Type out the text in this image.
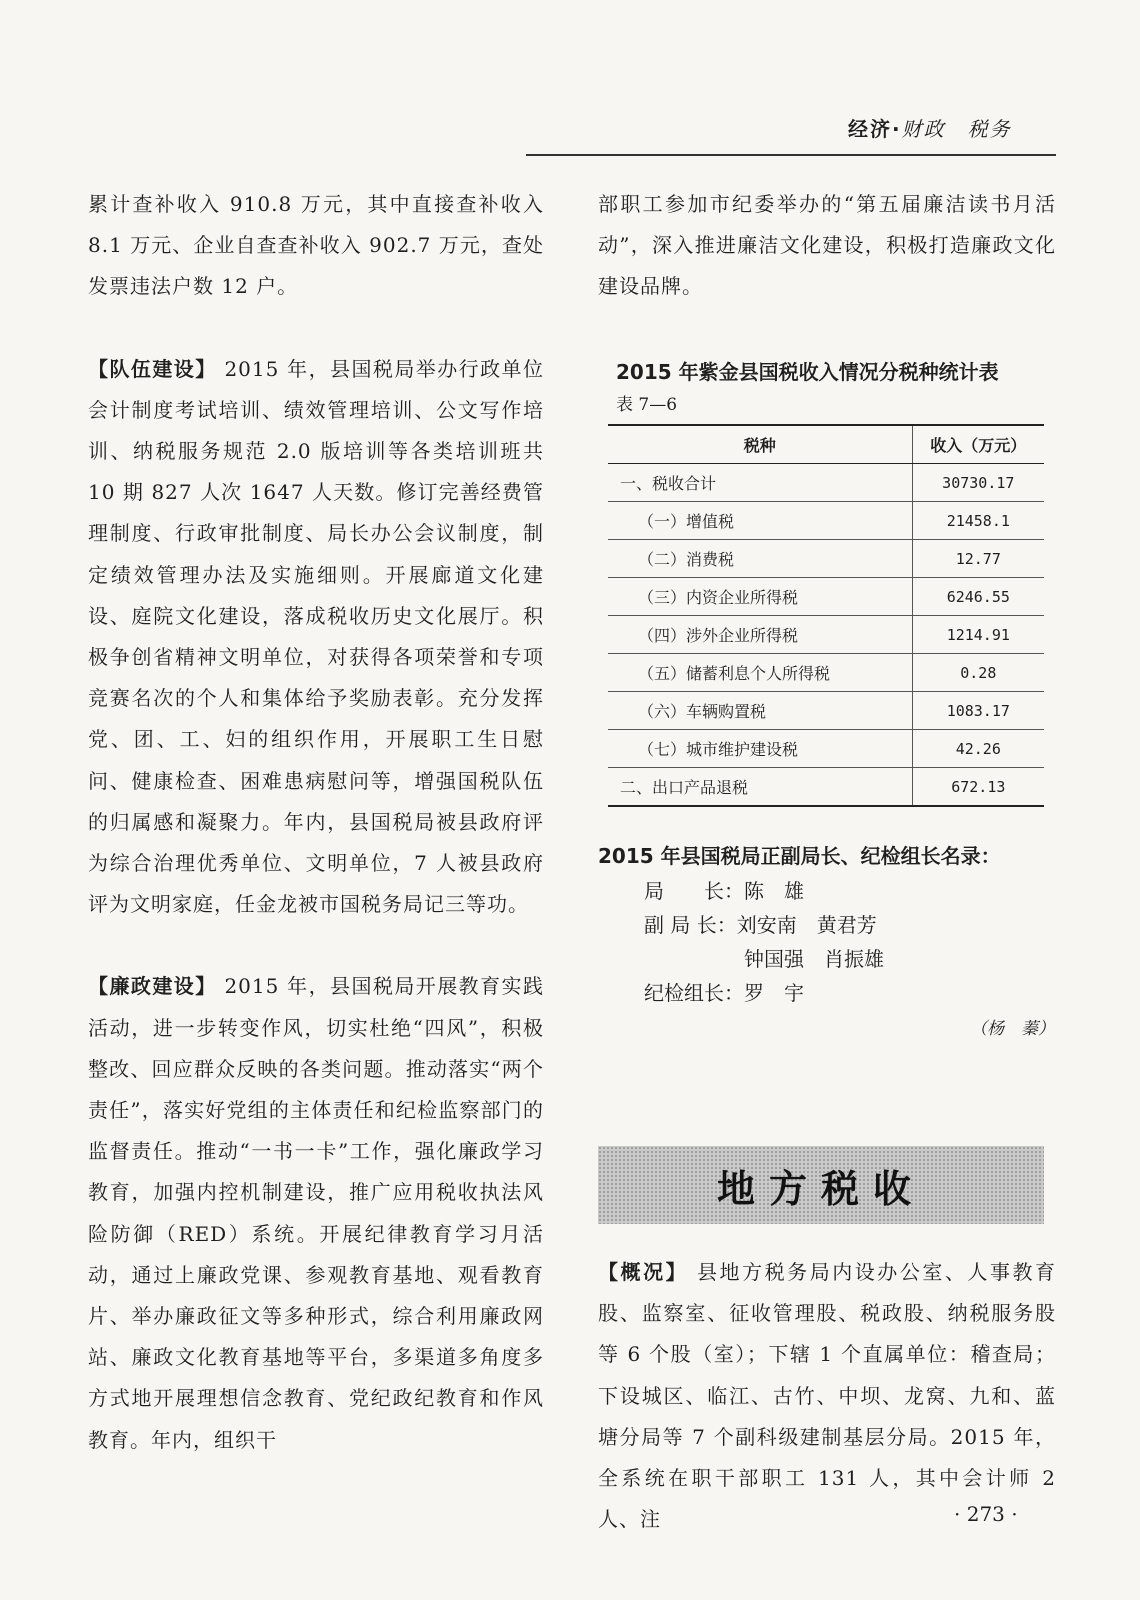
经济·财政　税务

累计查补收入 910.8 万元，其中直接查补收入 8.1 万元、企业自查查补收入 902.7 万元，查处发票违法户数 12 户。

【队伍建设】 2015 年，县国税局举办行政单位会计制度考试培训、绩效管理培训、公文写作培训、纳税服务规范 2.0 版培训等各类培训班共 10 期 827 人次 1647 人天数。修订完善经费管理制度、行政审批制度、局长办公会议制度，制定绩效管理办法及实施细则。开展廊道文化建设、庭院文化建设，落成税收历史文化展厅。积极争创省精神文明单位，对获得各项荣誉和专项竞赛名次的个人和集体给予奖励表彰。充分发挥党、团、工、妇的组织作用，开展职工生日慰问、健康检查、困难患病慰问等，增强国税队伍的归属感和凝聚力。年内，县国税局被县政府评为综合治理优秀单位、文明单位，7 人被县政府评为文明家庭，任金龙被市国税务局记三等功。

【廉政建设】 2015 年，县国税局开展教育实践活动，进一步转变作风，切实杜绝“四风”，积极整改、回应群众反映的各类问题。推动落实“两个责任”，落实好党组的主体责任和纪检监察部门的监督责任。推动“一书一卡”工作，强化廉政学习教育，加强内控机制建设，推广应用税收执法风险防御（RED）系统。开展纪律教育学习月活动，通过上廉政党课、参观教育基地、观看教育片、举办廉政征文等多种形式，综合利用廉政网站、廉政文化教育基地等平台，多渠道多角度多方式地开展理想信念教育、党纪政纪教育和作风教育。年内，组织干

部职工参加市纪委举办的“第五届廉洁读书月活动”，深入推进廉洁文化建设，积极打造廉政文化建设品牌。

2015 年紫金县国税收入情况分税种统计表
表 7—6
税种	收入（万元）
一、税收合计	30730.17
（一）增值税	21458.1
（二）消费税	12.77
（三）内资企业所得税	6246.55
（四）涉外企业所得税	1214.91
（五）储蓄利息个人所得税	0.28
（六）车辆购置税	1083.17
（七）城市维护建设税	42.26
二、出口产品退税	672.13
2015 年县国税局正副局长、纪检组长名录：
局　　长：陈　雄
副 局 长：刘安南　黄君芳
　　　　　钟国强　肖振雄
纪检组长：罗　宇
（杨　蓁）
地方税收

【概况】 县地方税务局内设办公室、人事教育股、监察室、征收管理股、税政股、纳税服务股等 6 个股（室）；下辖 1 个直属单位：稽查局；下设城区、临江、古竹、中坝、龙窝、九和、蓝塘分局等 7 个副科级建制基层分局。2015 年，全系统在职干部职工 131 人，其中会计师 2 人、注	· 273 ·
